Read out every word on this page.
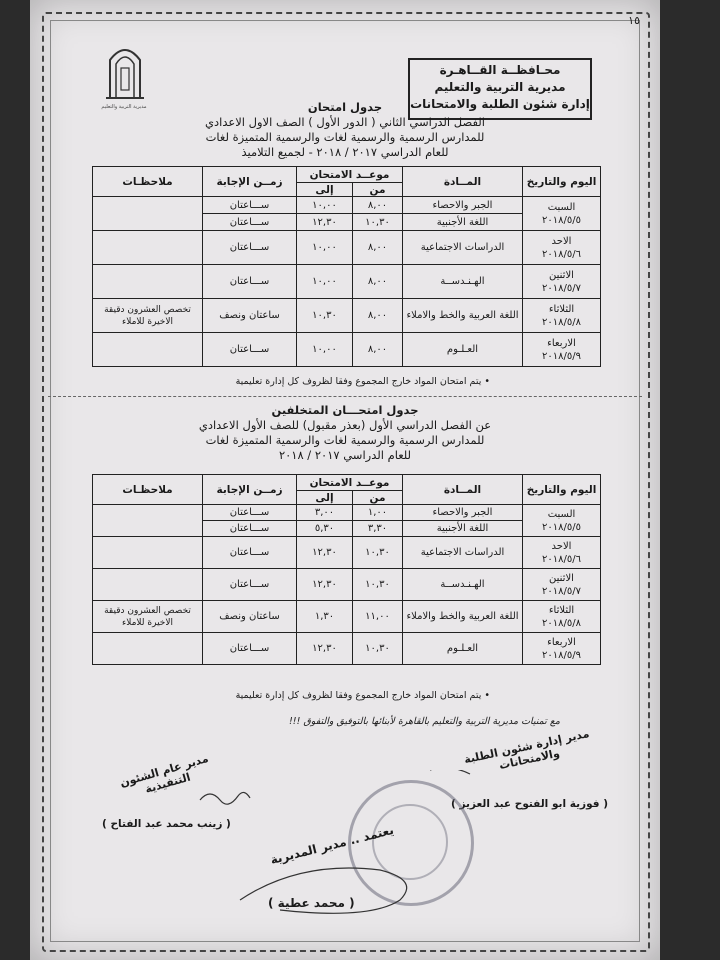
١٥
مديرية التربية والتعليم
محـافظــة القــاهـرة
مديرية التربية والتعليم
إدارة شئون الطلبة والامتحانات
جدول امتحان
الفصل الدراسي الثاني ( الدور الأول ) الصف الاول الاعدادي
للمدارس الرسمية والرسمية لغات والرسمية المتميزة لغات
للعام الدراسي ٢٠١٧ / ٢٠١٨ - لجميع التلاميذ
اليوم والتاريخ	المــادة	موعــد الامتحان		زمــن الإجابة	ملاحظـات
		من	إلى		

السبت
٢٠١٨/٥/٥	الجبر والاحصاء	٨,٠٠	١٠,٠٠	ســـاعتان	
	اللغة الأجنبية	١٠,٣٠	١٢,٣٠	ســـاعتان	

الاحد
٢٠١٨/٥/٦	الدراسات الاجتماعية	٨,٠٠	١٠,٠٠	ســـاعتان	

الاثنين
٢٠١٨/٥/٧	الهـنـدســة	٨,٠٠	١٠,٠٠	ســـاعتان	

الثلاثاء
٢٠١٨/٥/٨	اللغة العربية والخط والاملاء	٨,٠٠	١٠,٣٠	ساعتان ونصف	تخصص العشرون دقيقة الاخيرة للاملاء

الاربعاء
٢٠١٨/٥/٩	العـلـوم	٨,٠٠	١٠,٠٠	ســـاعتان	
• يتم امتحان المواد خارج المجموع وفقا لظروف كل إدارة تعليمية
جدول امتحـــان المتخلفين
عن الفصل الدراسي الأول (بعذر مقبول) للصف الأول الاعدادي
للمدارس الرسمية والرسمية لغات والرسمية المتميزة لغات
للعام الدراسي ٢٠١٧ / ٢٠١٨
اليوم والتاريخ	المــادة	موعــد الامتحان		زمــن الإجابة	ملاحظـات
		من	إلى		

السبت
٢٠١٨/٥/٥	الجبر والاحصاء	١,٠٠	٣,٠٠	ســـاعتان	
	اللغة الأجنبية	٣,٣٠	٥,٣٠	ســـاعتان	

الاحد
٢٠١٨/٥/٦	الدراسات الاجتماعية	١٠,٣٠	١٢,٣٠	ســـاعتان	

الاثنين
٢٠١٨/٥/٧	الهـنـدســة	١٠,٣٠	١٢,٣٠	ســـاعتان	

الثلاثاء
٢٠١٨/٥/٨	اللغة العربية والخط والاملاء	١١,٠٠	١,٣٠	ساعتان ونصف	تخصص العشرون دقيقة الاخيرة للاملاء

الاربعاء
٢٠١٨/٥/٩	العـلـوم	١٠,٣٠	١٢,٣٠	ســـاعتان	
• يتم امتحان المواد خارج المجموع وفقا لظروف كل إدارة تعليمية
مع تمنيات مديرية التربية والتعليم بالقاهرة لأبنائها بالتوفيق والتفوق !!!
مدير إدارة شئون الطلبة والامتحانات
( فوزية ابو الفتوح عبد العزيز )
مدير عام الشئون التنفيذية
( زينب محمد عبد الفتاح )	يعتمد .. مدير المديرية
( محمد عطية )
